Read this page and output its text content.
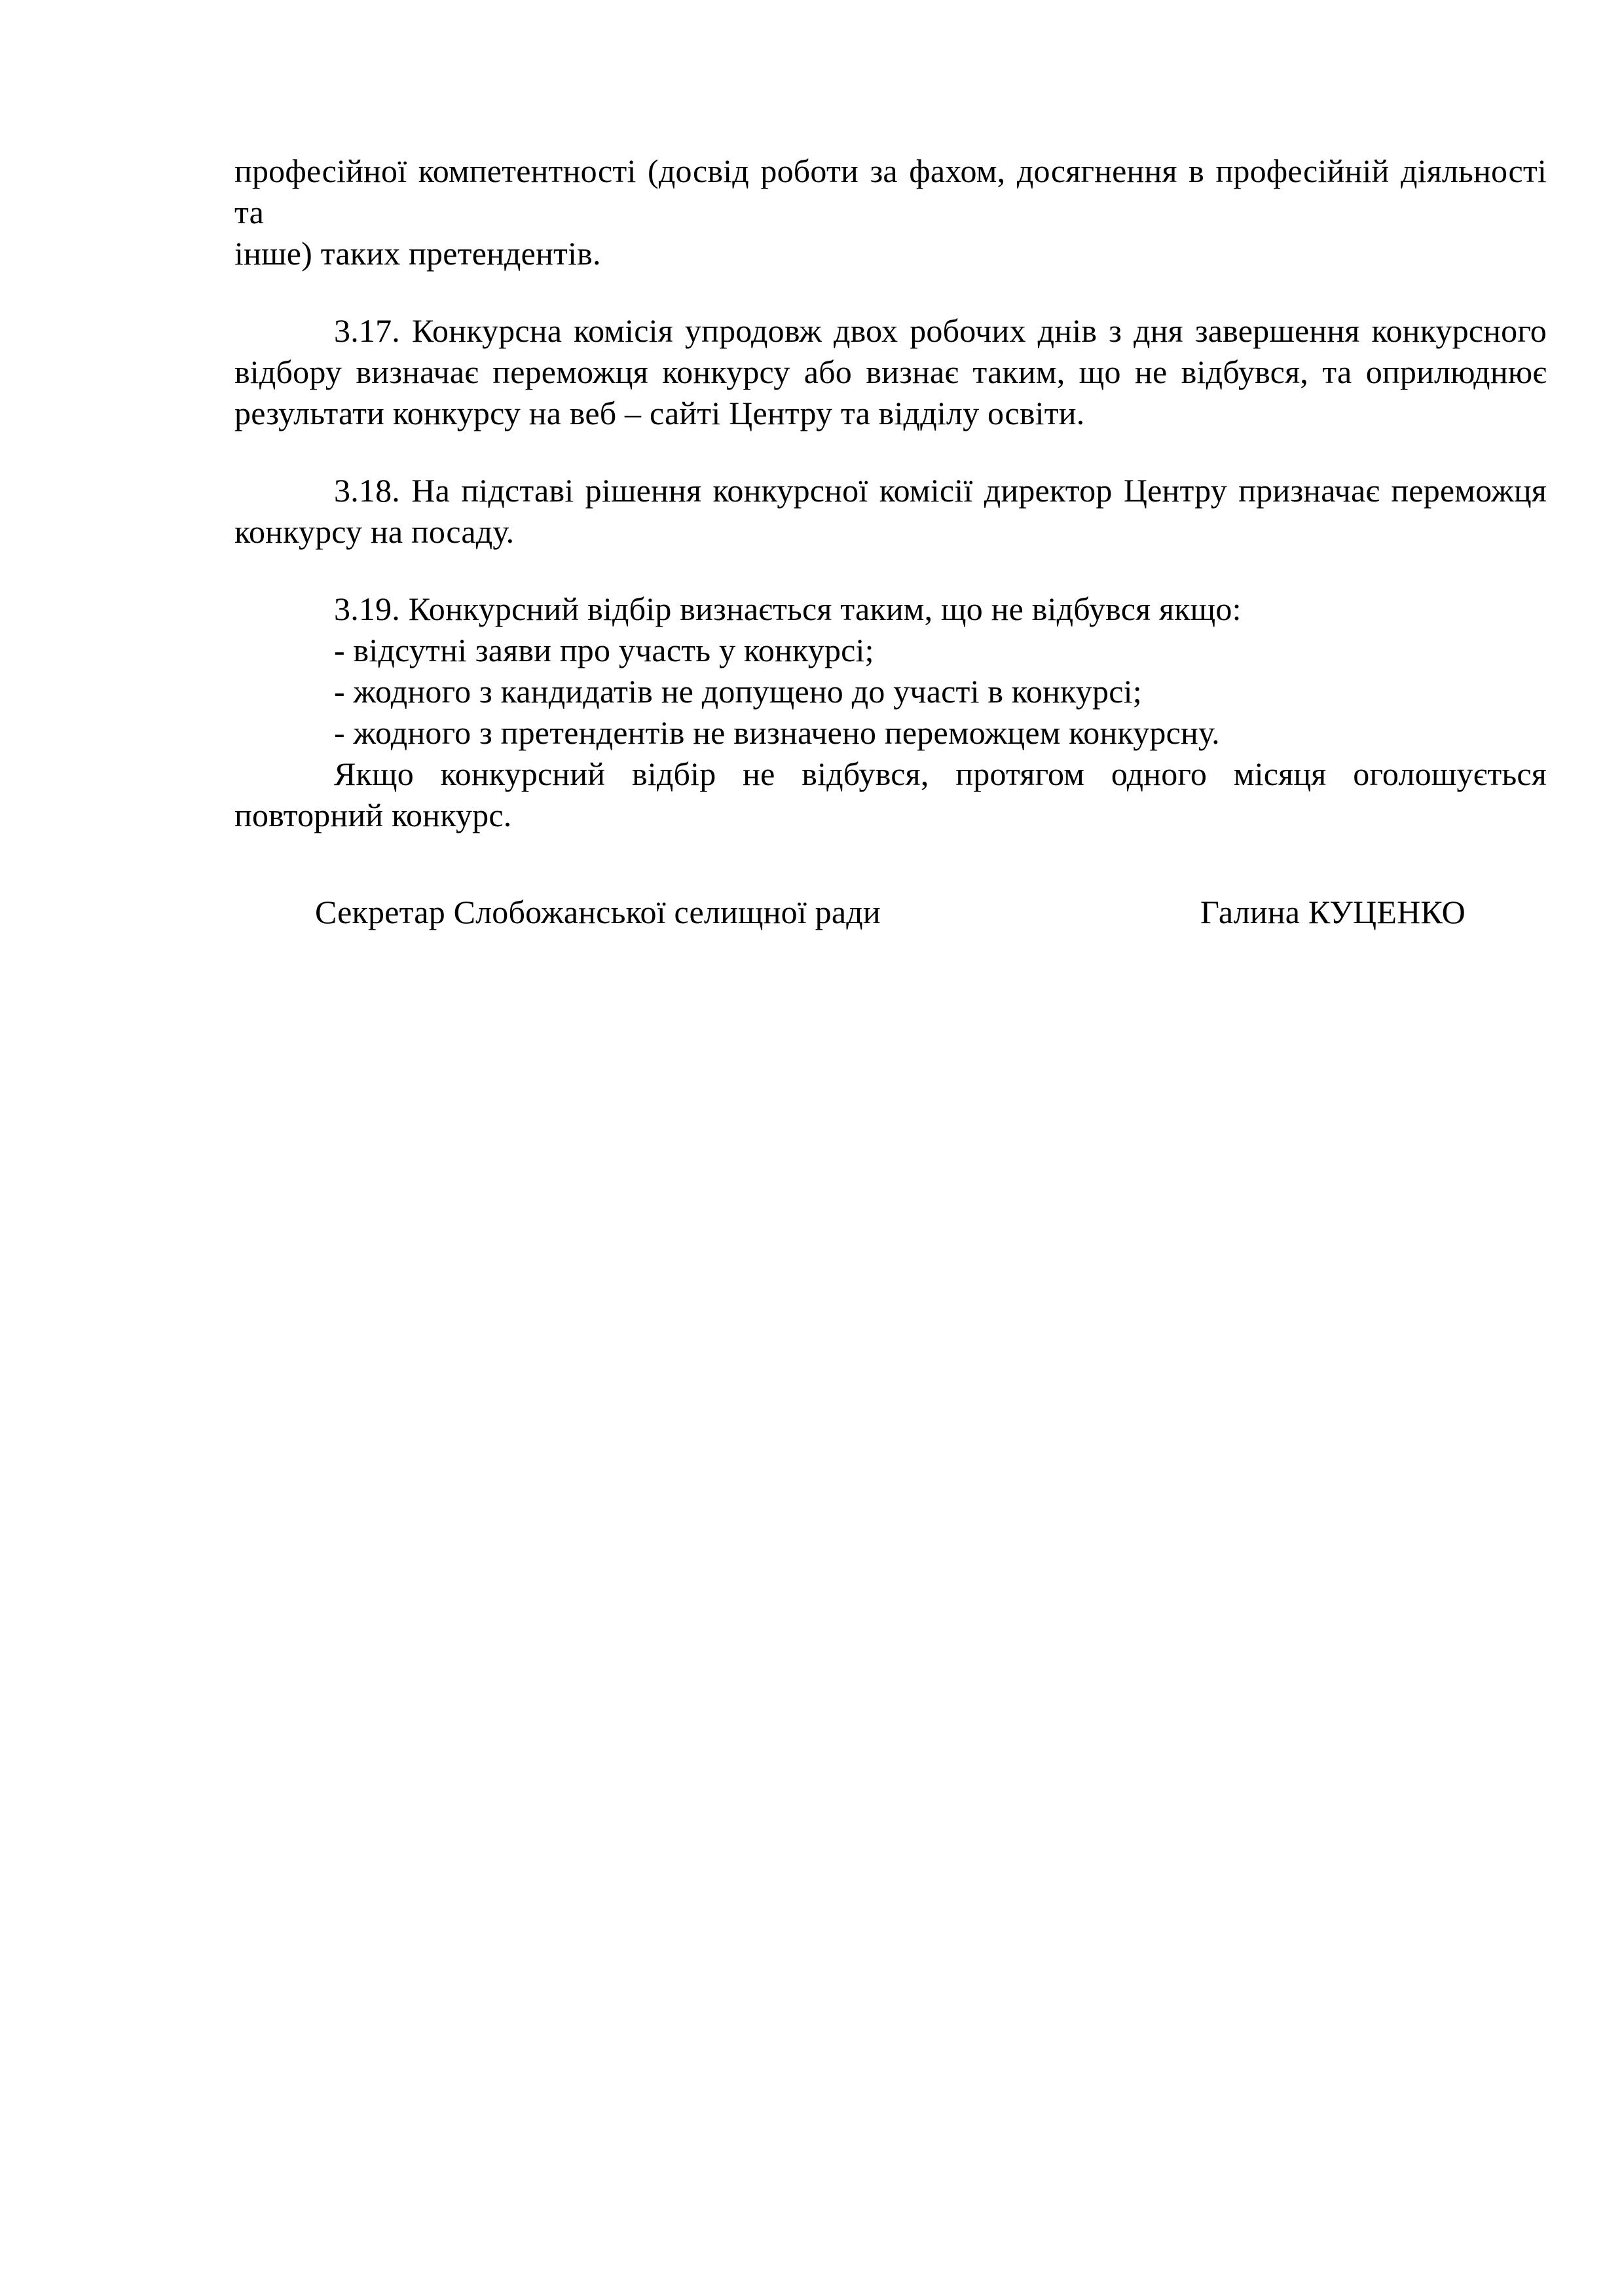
професійної компетентності (досвід роботи за фахом, досягнення в професійній діяльності та
інше) таких претендентів.
3.17. Конкурсна комісія упродовж двох робочих днів з дня завершення конкурсного
відбору визначає переможця конкурсу або визнає таким, що не відбувся, та оприлюднює
результати конкурсу на веб – сайті Центру та відділу освіти.
3.18. На підставі рішення конкурсної комісії директор Центру призначає переможця
конкурсу на посаду.
3.19. Конкурсний відбір визнається таким, що не відбувся якщо:
- відсутні заяви про участь у конкурсі;
- жодного з кандидатів не допущено до участі в конкурсі;
- жодного з претендентів не визначено переможцем конкурсну.
Якщо конкурсний відбір не відбувся, протягом одного місяця оголошується
повторний конкурс.
Секретар Слобожанської селищної ради	Галина КУЦЕНКО
